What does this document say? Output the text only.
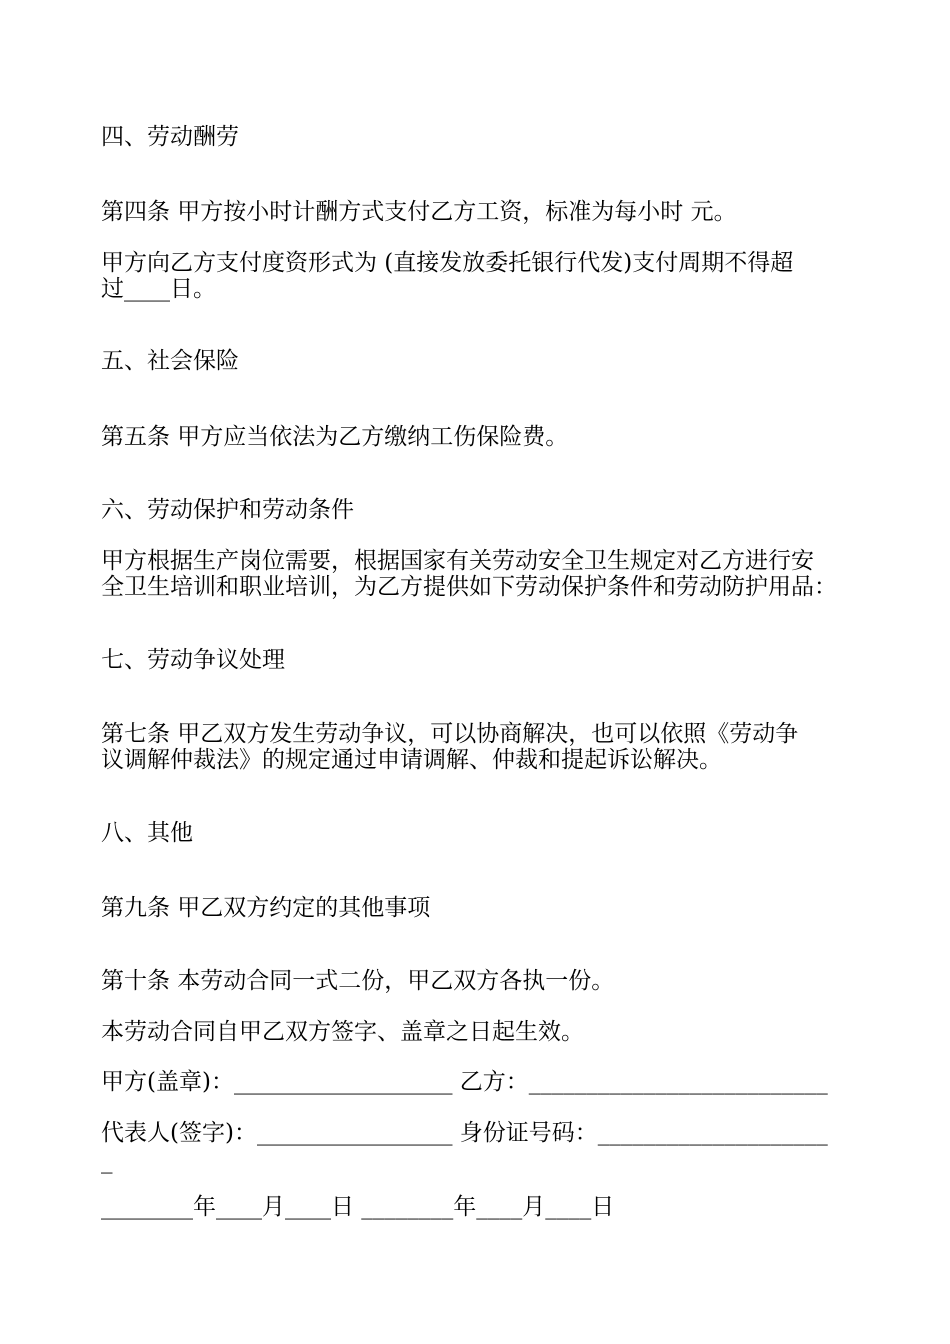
四、劳动酬劳

第四条 甲方按小时计酬方式支付乙方工资，标准为每小时 元。

甲方向乙方支付度资形式为 (直接发放委托银行代发)支付周期不得超

过____日。

五、社会保险

第五条 甲方应当依法为乙方缴纳工伤保险费。

六、劳动保护和劳动条件

甲方根据生产岗位需要，根据国家有关劳动安全卫生规定对乙方进行安

全卫生培训和职业培训，为乙方提供如下劳动保护条件和劳动防护用品：

七、劳动争议处理

第七条 甲乙双方发生劳动争议，可以协商解决，也可以依照《劳动争

议调解仲裁法》的规定通过申请调解、仲裁和提起诉讼解决。

八、其他

第九条 甲乙双方约定的其他事项

第十条 本劳动合同一式二份，甲乙双方各执一份。

本劳动合同自甲乙双方签字、盖章之日起生效。

甲方(盖章)：___________________ 乙方：__________________________

代表人(签字)：_________________ 身份证号码：____________________

_

________年____月____日 ________年____月____日
